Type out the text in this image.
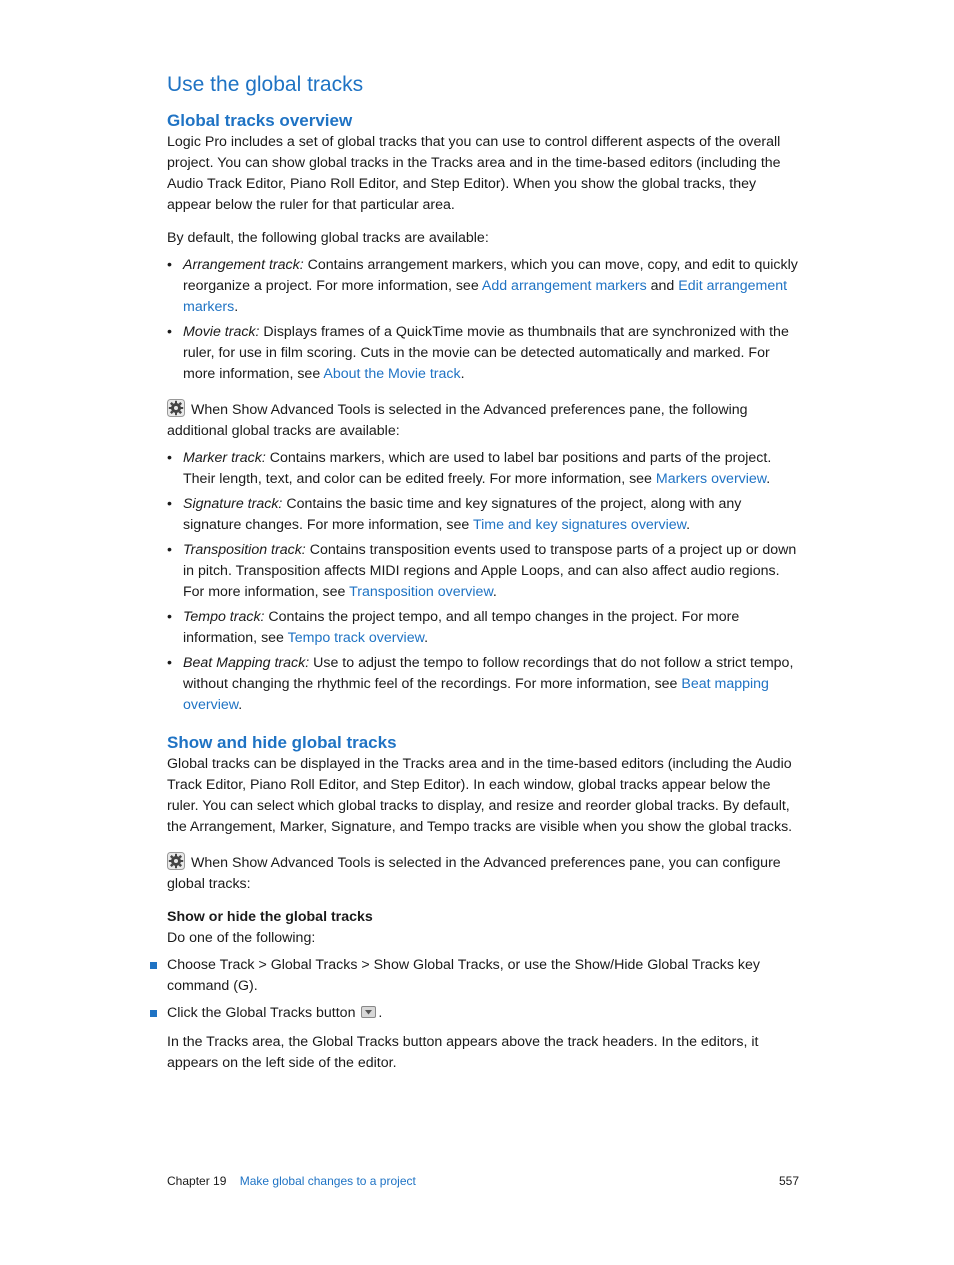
Use the global tracks
Global tracks overview

Logic Pro includes a set of global tracks that you can use to control different aspects of the overall project. You can show global tracks in the Tracks area and in the time-based editors (including the Audio Track Editor, Piano Roll Editor, and Step Editor). When you show the global tracks, they appear below the ruler for that particular area.

By default, the following global tracks are available:

• Arrangement track: Contains arrangement markers, which you can move, copy, and edit to quickly reorganize a project. For more information, see Add arrangement markers and Edit arrangement markers.
• Movie track: Displays frames of a QuickTime movie as thumbnails that are synchronized with the ruler, for use in film scoring. Cuts in the movie can be detected automatically and marked. For more information, see About the Movie track.

When Show Advanced Tools is selected in the Advanced preferences pane, the following additional global tracks are available:

• Marker track: Contains markers, which are used to label bar positions and parts of the project. Their length, text, and color can be edited freely. For more information, see Markers overview.
• Signature track: Contains the basic time and key signatures of the project, along with any signature changes. For more information, see Time and key signatures overview.
• Transposition track: Contains transposition events used to transpose parts of a project up or down in pitch. Transposition affects MIDI regions and Apple Loops, and can also affect audio regions. For more information, see Transposition overview.
• Tempo track: Contains the project tempo, and all tempo changes in the project. For more information, see Tempo track overview.
• Beat Mapping track: Use to adjust the tempo to follow recordings that do not follow a strict tempo, without changing the rhythmic feel of the recordings. For more information, see Beat mapping overview.
Show and hide global tracks

Global tracks can be displayed in the Tracks area and in the time-based editors (including the Audio Track Editor, Piano Roll Editor, and Step Editor). In each window, global tracks appear below the ruler. You can select which global tracks to display, and resize and reorder global tracks. By default, the Arrangement, Marker, Signature, and Tempo tracks are visible when you show the global tracks.

When Show Advanced Tools is selected in the Advanced preferences pane, you can configure global tracks:

Show or hide the global tracks

Do one of the following:

Choose Track > Global Tracks > Show Global Tracks, or use the Show/Hide Global Tracks key command (G).
Click the Global Tracks button .

In the Tracks area, the Global Tracks button appears above the track headers. In the editors, it appears on the left side of the editor.

Chapter 19 Make global changes to a project	557
